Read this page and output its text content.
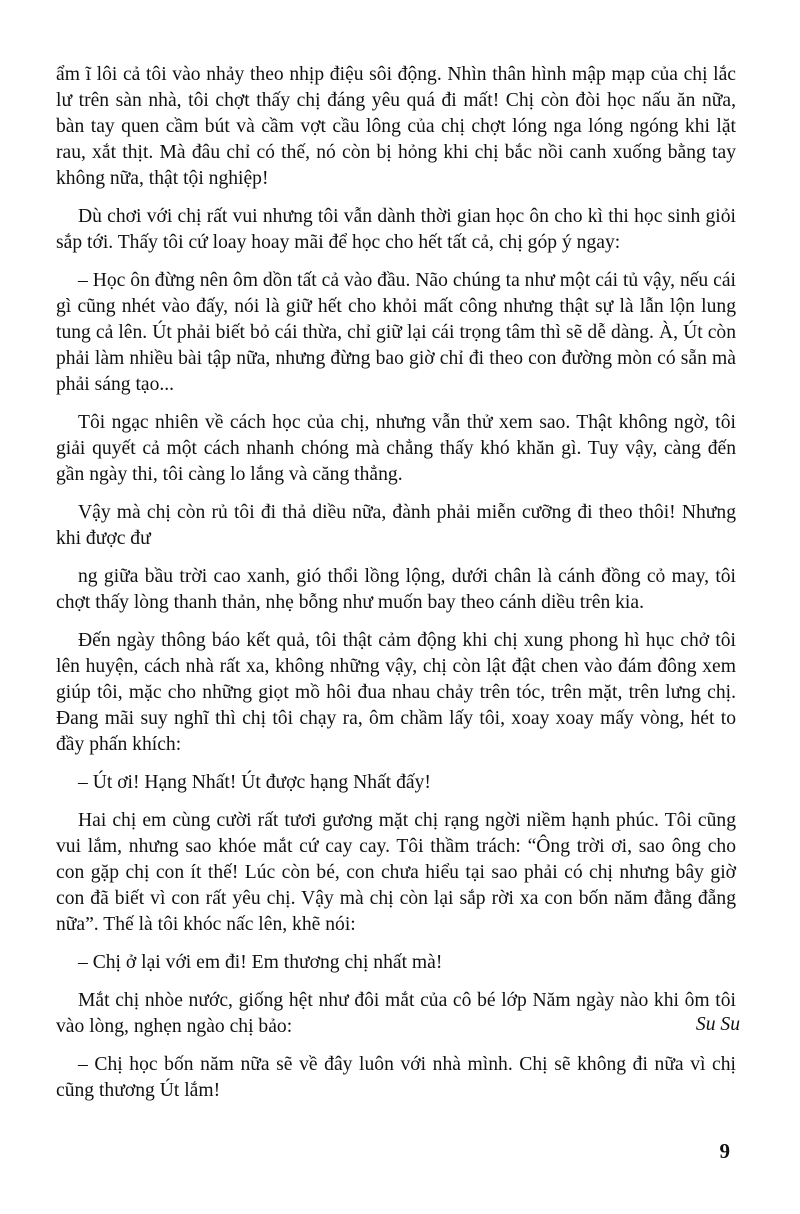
ẩm ĩ lôi cả tôi vào nhảy theo nhịp điệu sôi động. Nhìn thân hình mập mạp của chị lắc lư trên sàn nhà, tôi chợt thấy chị đáng yêu quá đi mất! Chị còn đòi học nấu ăn nữa, bàn tay quen cầm bút và cầm vợt cầu lông của chị chợt lóng nga lóng ngóng khi lặt rau, xắt thịt. Mà đâu chỉ có thế, nó còn bị hỏng khi chị bắc nồi canh xuống bằng tay không nữa, thật tội nghiệp!

Dù chơi với chị rất vui nhưng tôi vẫn dành thời gian học ôn cho kì thi học sinh giỏi sắp tới. Thấy tôi cứ loay hoay mãi để học cho hết tất cả, chị góp ý ngay:

– Học ôn đừng nên ôm dồn tất cả vào đầu. Não chúng ta như một cái tủ vậy, nếu cái gì cũng nhét vào đấy, nói là giữ hết cho khỏi mất công nhưng thật sự là lẫn lộn lung tung cả lên. Út phải biết bỏ cái thừa, chỉ giữ lại cái trọng tâm thì sẽ dễ dàng. À, Út còn phải làm nhiều bài tập nữa, nhưng đừng bao giờ chỉ đi theo con đường mòn có sẵn mà phải sáng tạo...

Tôi ngạc nhiên về cách học của chị, nhưng vẫn thử xem sao. Thật không ngờ, tôi giải quyết cả một cách nhanh chóng mà chẳng thấy khó khăn gì. Tuy vậy, càng đến gần ngày thi, tôi càng lo lắng và căng thẳng.

Vậy mà chị còn rủ tôi đi thả diều nữa, đành phải miễn cưỡng đi theo thôi! Nhưng khi được đư

ng giữa bầu trời cao xanh, gió thổi lồng lộng, dưới chân là cánh đồng cỏ may, tôi chợt thấy lòng thanh thản, nhẹ bỗng như muốn bay theo cánh diều trên kia.

Đến ngày thông báo kết quả, tôi thật cảm động khi chị xung phong hì hục chở tôi lên huyện, cách nhà rất xa, không những vậy, chị còn lật đật chen vào đám đông xem giúp tôi, mặc cho những giọt mồ hôi đua nhau chảy trên tóc, trên mặt, trên lưng chị. Đang mãi suy nghĩ thì chị tôi chạy ra, ôm chầm lấy tôi, xoay xoay mấy vòng, hét to đầy phấn khích:

– Út ơi! Hạng Nhất! Út được hạng Nhất đấy!

Hai chị em cùng cười rất tươi gương mặt chị rạng ngời niềm hạnh phúc. Tôi cũng vui lắm, nhưng sao khóe mắt cứ cay cay. Tôi thầm trách: “Ông trời ơi, sao ông cho con gặp chị con ít thế! Lúc còn bé, con chưa hiểu tại sao phải có chị nhưng bây giờ con đã biết vì con rất yêu chị. Vậy mà chị còn lại sắp rời xa con bốn năm đằng đẵng nữa”. Thế là tôi khóc nấc lên, khẽ nói:

– Chị ở lại với em đi! Em thương chị nhất mà!

Mắt chị nhòe nước, giống hệt như đôi mắt của cô bé lớp Năm ngày nào khi ôm tôi vào lòng, nghẹn ngào chị bảo:

– Chị học bốn năm nữa sẽ về đây luôn với nhà mình. Chị sẽ không đi nữa vì chị cũng thương Út lắm!

Su Su
9
